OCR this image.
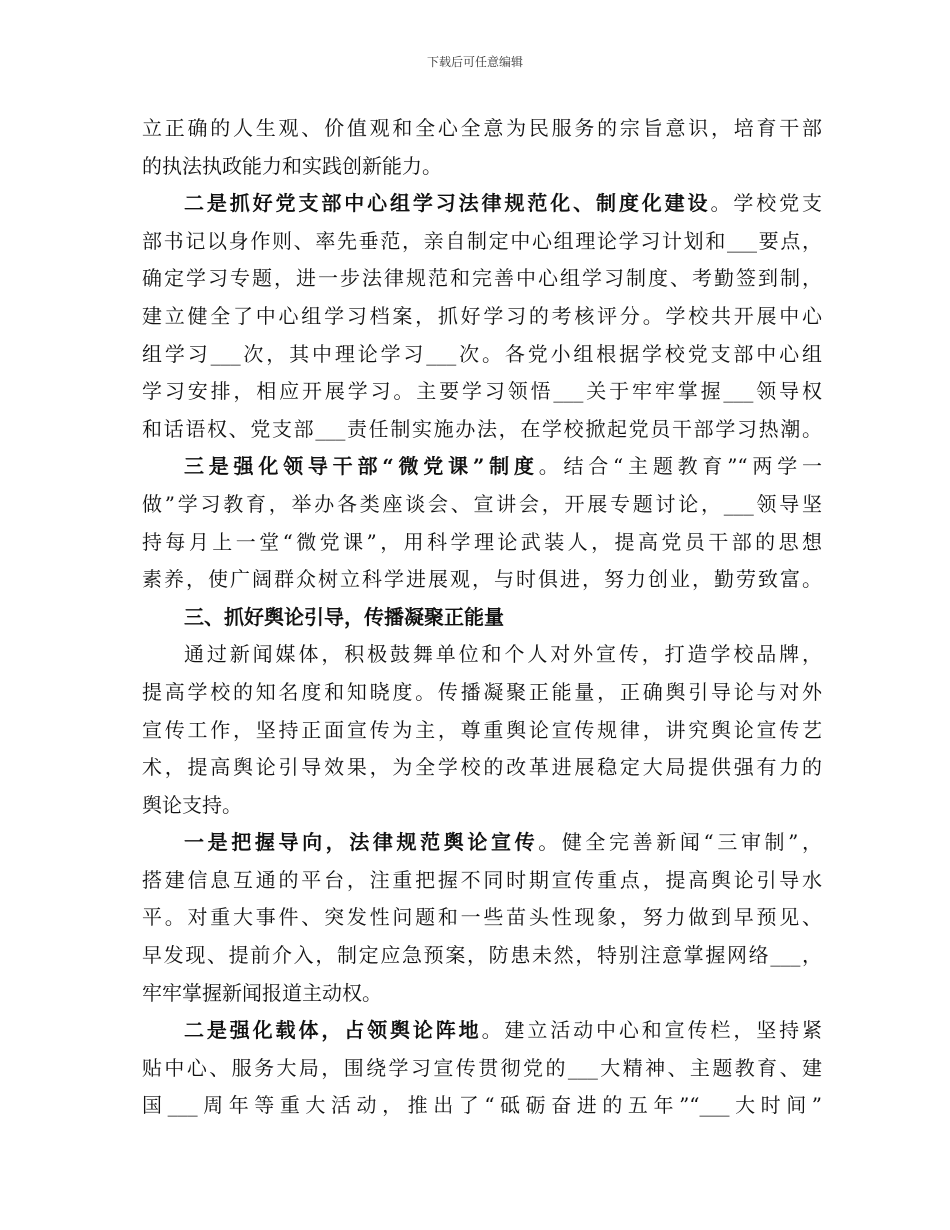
下载后可任意编辑
立正确的人生观、价值观和全心全意为民服务的宗旨意识，培育干部
的执法执政能力和实践创新能力。
二是抓好党支部中心组学习法律规范化、制度化建设。学校党支
部书记以身作则、率先垂范，亲自制定中心组理论学习计划和___要点，
确定学习专题，进一步法律规范和完善中心组学习制度、考勤签到制，
建立健全了中心组学习档案，抓好学习的考核评分。学校共开展中心
组学习___次，其中理论学习___次。各党小组根据学校党支部中心组
学习安排，相应开展学习。主要学习领悟___关于牢牢掌握___领导权
和话语权、党支部___责任制实施办法，在学校掀起党员干部学习热潮。
三是强化领导干部“微党课”制度。结合“主题教育”“两学一
做”学习教育，举办各类座谈会、宣讲会，开展专题讨论，___领导坚
持每月上一堂“微党课”，用科学理论武装人，提高党员干部的思想
素养，使广阔群众树立科学进展观，与时俱进，努力创业，勤劳致富。
三、抓好舆论引导，传播凝聚正能量
通过新闻媒体，积极鼓舞单位和个人对外宣传，打造学校品牌，
提高学校的知名度和知晓度。传播凝聚正能量，正确舆引导论与对外
宣传工作，坚持正面宣传为主，尊重舆论宣传规律，讲究舆论宣传艺
术，提高舆论引导效果，为全学校的改革进展稳定大局提供强有力的
舆论支持。
一是把握导向，法律规范舆论宣传。健全完善新闻“三审制”，
搭建信息互通的平台，注重把握不同时期宣传重点，提高舆论引导水
平。对重大事件、突发性问题和一些苗头性现象，努力做到早预见、
早发现、提前介入，制定应急预案，防患未然，特别注意掌握网络___，
牢牢掌握新闻报道主动权。
二是强化载体，占领舆论阵地。建立活动中心和宣传栏，坚持紧
贴中心、服务大局，围绕学习宣传贯彻党的___大精神、主题教育、建
国___周年等重大活动，推出了“砥砺奋进的五年”“___大时间”
